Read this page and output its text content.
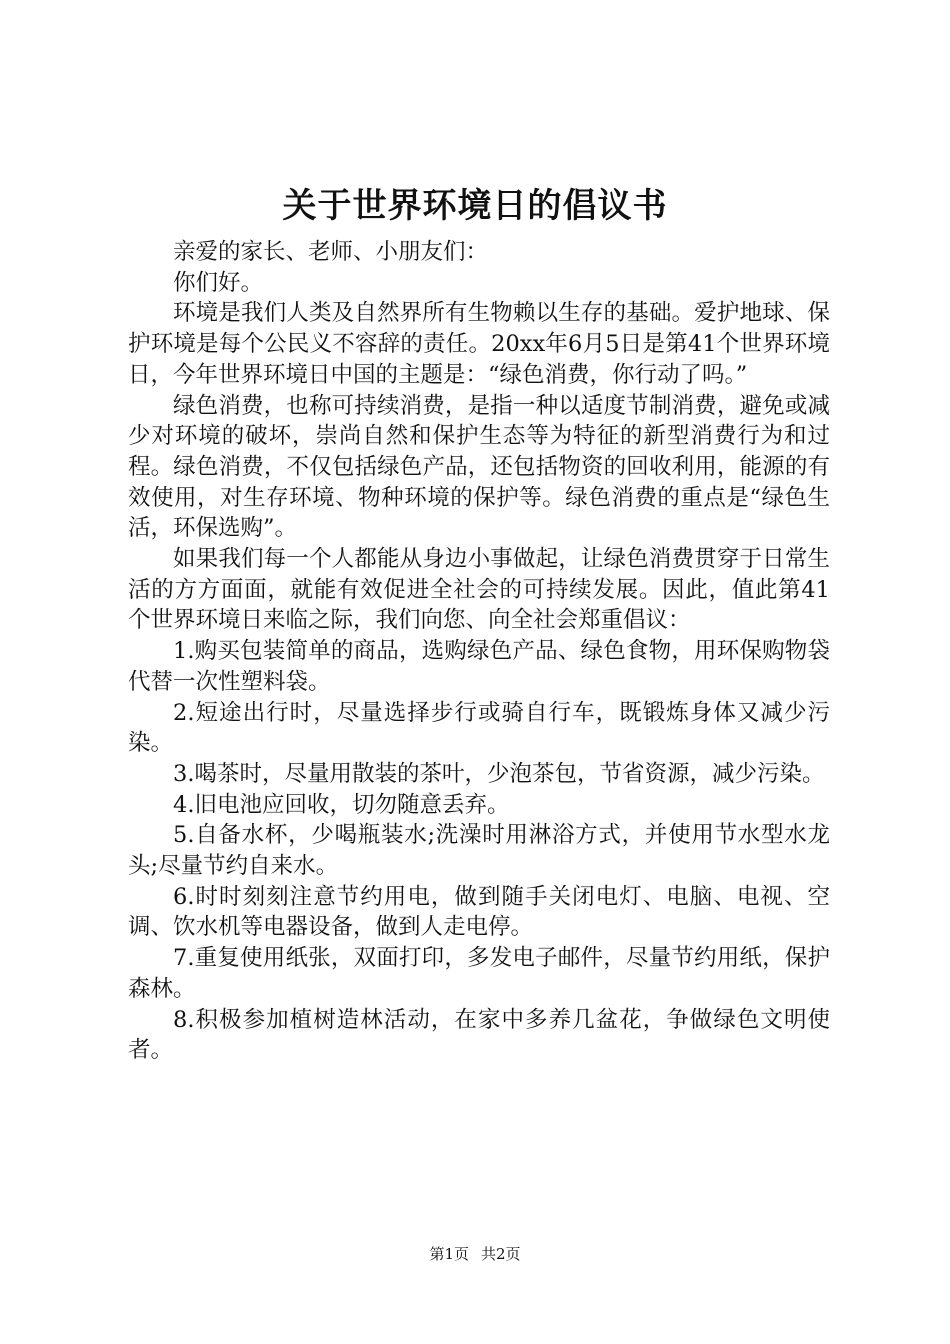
关于世界环境日的倡议书

亲爱的家长、老师、小朋友们：

你们好。

环境是我们人类及自然界所有生物赖以生存的基础。爱护地球、保护环境是每个公民义不容辞的责任。20xx年6月5日是第41个世界环境日，今年世界环境日中国的主题是：“绿色消费，你行动了吗。”

绿色消费，也称可持续消费，是指一种以适度节制消费，避免或减少对环境的破坏，崇尚自然和保护生态等为特征的新型消费行为和过程。绿色消费，不仅包括绿色产品，还包括物资的回收利用，能源的有效使用，对生存环境、物种环境的保护等。绿色消费的重点是“绿色生活，环保选购”。

如果我们每一个人都能从身边小事做起，让绿色消费贯穿于日常生活的方方面面，就能有效促进全社会的可持续发展。因此，值此第41个世界环境日来临之际，我们向您、向全社会郑重倡议：

1.购买包装简单的商品，选购绿色产品、绿色食物，用环保购物袋代替一次性塑料袋。

2.短途出行时，尽量选择步行或骑自行车，既锻炼身体又减少污染。

3.喝茶时，尽量用散装的茶叶，少泡茶包，节省资源，减少污染。

4.旧电池应回收，切勿随意丢弃。

5.自备水杯，少喝瓶装水;洗澡时用淋浴方式，并使用节水型水龙头;尽量节约自来水。

6.时时刻刻注意节约用电，做到随手关闭电灯、电脑、电视、空调、饮水机等电器设备，做到人走电停。

7.重复使用纸张，双面打印，多发电子邮件，尽量节约用纸，保护森林。

8.积极参加植树造林活动，在家中多养几盆花，争做绿色文明使者。

第1页 共2页
